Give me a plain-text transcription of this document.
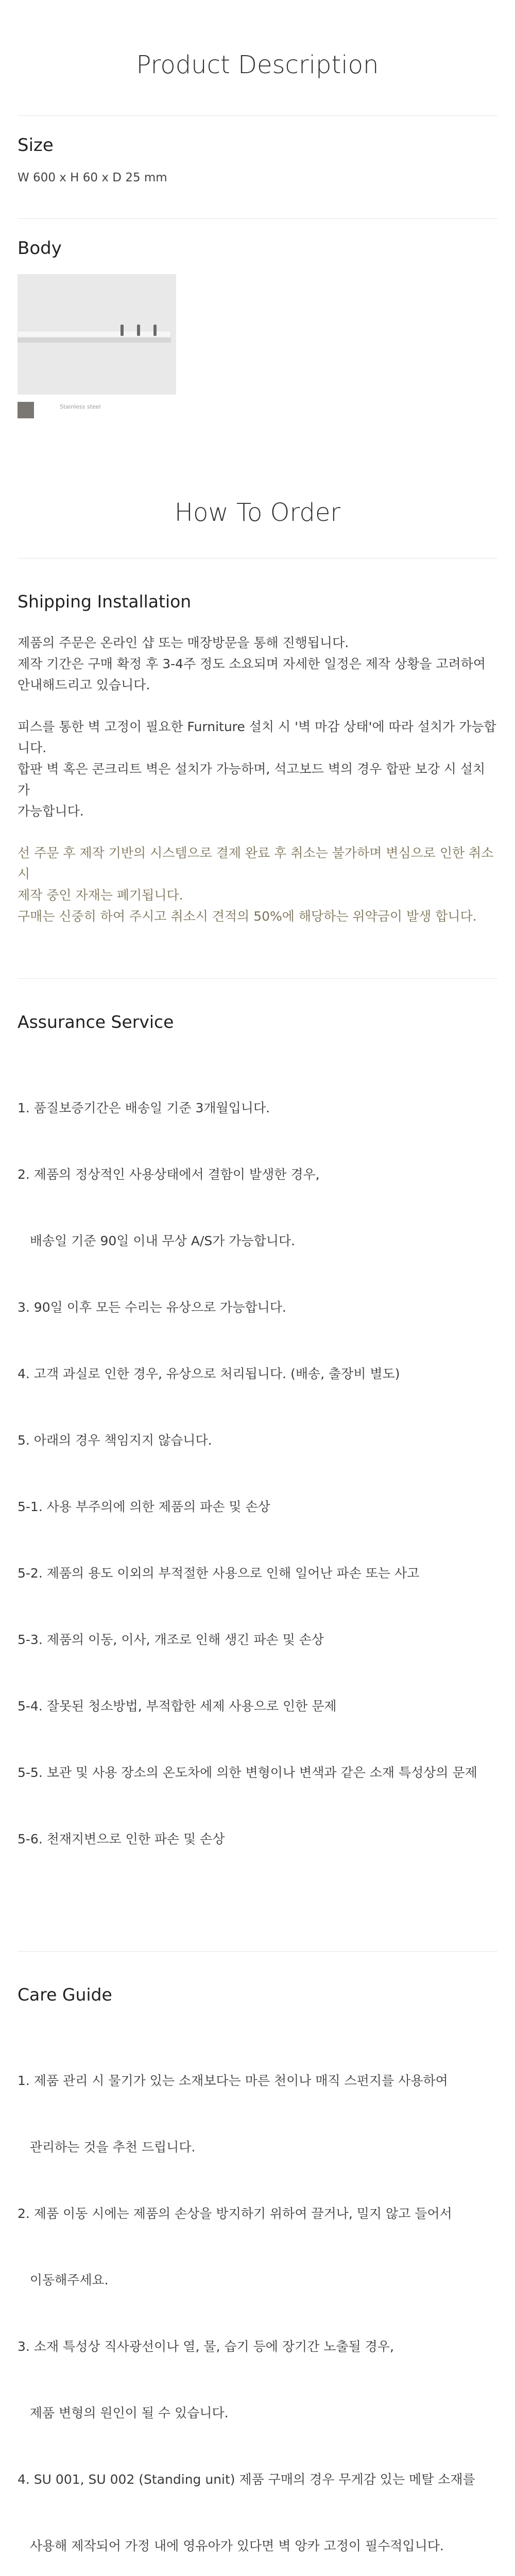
Product Description
Size
W 600 x H 60 x D 25 mm
Body
Stainless steel
How To Order
Shipping Installation
제품의 주문은 온라인 샵 또는 매장방문을 통해 진행됩니다.
제작 기간은 구매 확정 후 3-4주 정도 소요되며 자세한 일정은 제작 상황을 고려하여
안내해드리고 있습니다.
피스를 통한 벽 고정이 필요한 Furniture 설치 시 '벽 마감 상태'에 따라 설치가 가능합니다.
합판 벽 혹은 콘크리트 벽은 설치가 가능하며, 석고보드 벽의 경우 합판 보강 시 설치가
가능합니다.
선 주문 후 제작 기반의 시스템으로 결제 완료 후 취소는 불가하며 변심으로 인한 취소 시
제작 중인 자재는 폐기됩니다.
구매는 신중히 하여 주시고 취소시 견적의 50%에 해당하는 위약금이 발생 합니다.
Assurance Service

1. 품질보증기간은 배송일 기준 3개월입니다.

2. 제품의 정상적인 사용상태에서 결함이 발생한 경우,

배송일 기준 90일 이내 무상 A/S가 가능합니다.

3. 90일 이후 모든 수리는 유상으로 가능합니다.

4. 고객 과실로 인한 경우, 유상으로 처리됩니다. (배송, 출장비 별도)

5. 아래의 경우 책임지지 않습니다.

5-1. 사용 부주의에 의한 제품의 파손 및 손상

5-2. 제품의 용도 이외의 부적절한 사용으로 인해 일어난 파손 또는 사고

5-3. 제품의 이동, 이사, 개조로 인해 생긴 파손 및 손상

5-4. 잘못된 청소방법, 부적합한 세제 사용으로 인한 문제

5-5. 보관 및 사용 장소의 온도차에 의한 변형이나 변색과 같은 소재 특성상의 문제

5-6. 천재지변으로 인한 파손 및 손상

Care Guide

1. 제품 관리 시 물기가 있는 소재보다는 마른 천이나 매직 스펀지를 사용하여

관리하는 것을 추천 드립니다.

2. 제품 이동 시에는 제품의 손상을 방지하기 위하여 끌거나, 밀지 않고 들어서

이동해주세요.

3. 소재 특성상 직사광선이나 열, 물, 습기 등에 장기간 노출될 경우,

제품 변형의 원인이 될 수 있습니다.

4. SU 001, SU 002 (Standing unit) 제품 구매의 경우 무게감 있는 메탈 소재를

사용해 제작되어 가정 내에 영유아가 있다면 벽 앙카 고정이 필수적입니다.
